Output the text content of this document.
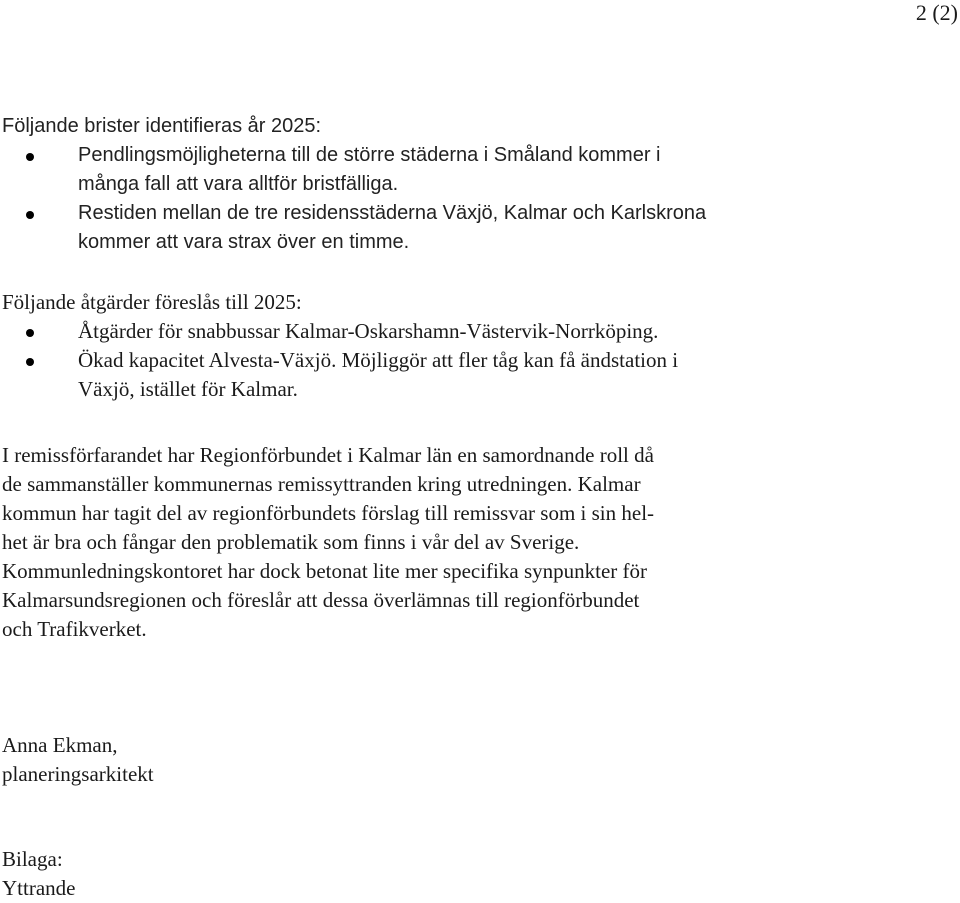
2 (2)
Följande brister identifieras år 2025:
Pendlingsmöjligheterna till de större städerna i Småland kommer i
många fall att vara alltför bristfälliga.
Restiden mellan de tre residensstäderna Växjö, Kalmar och Karlskrona
kommer att vara strax över en timme.
Följande åtgärder föreslås till 2025:
Åtgärder för snabbussar Kalmar-Oskarshamn-Västervik-Norrköping.
Ökad kapacitet Alvesta-Växjö. Möjliggör att fler tåg kan få ändstation i
Växjö, istället för Kalmar.
I remissförfarandet har Regionförbundet i Kalmar län en samordnande roll då
de sammanställer kommunernas remissyttranden kring utredningen. Kalmar
kommun har tagit del av regionförbundets förslag till remissvar som i sin hel-
het är bra och fångar den problematik som finns i vår del av Sverige.
Kommunledningskontoret har dock betonat lite mer specifika synpunkter för
Kalmarsundsregionen och föreslår att dessa överlämnas till regionförbundet
och Trafikverket.
Anna Ekman,
planeringsarkitekt
Bilaga:
Yttrande
